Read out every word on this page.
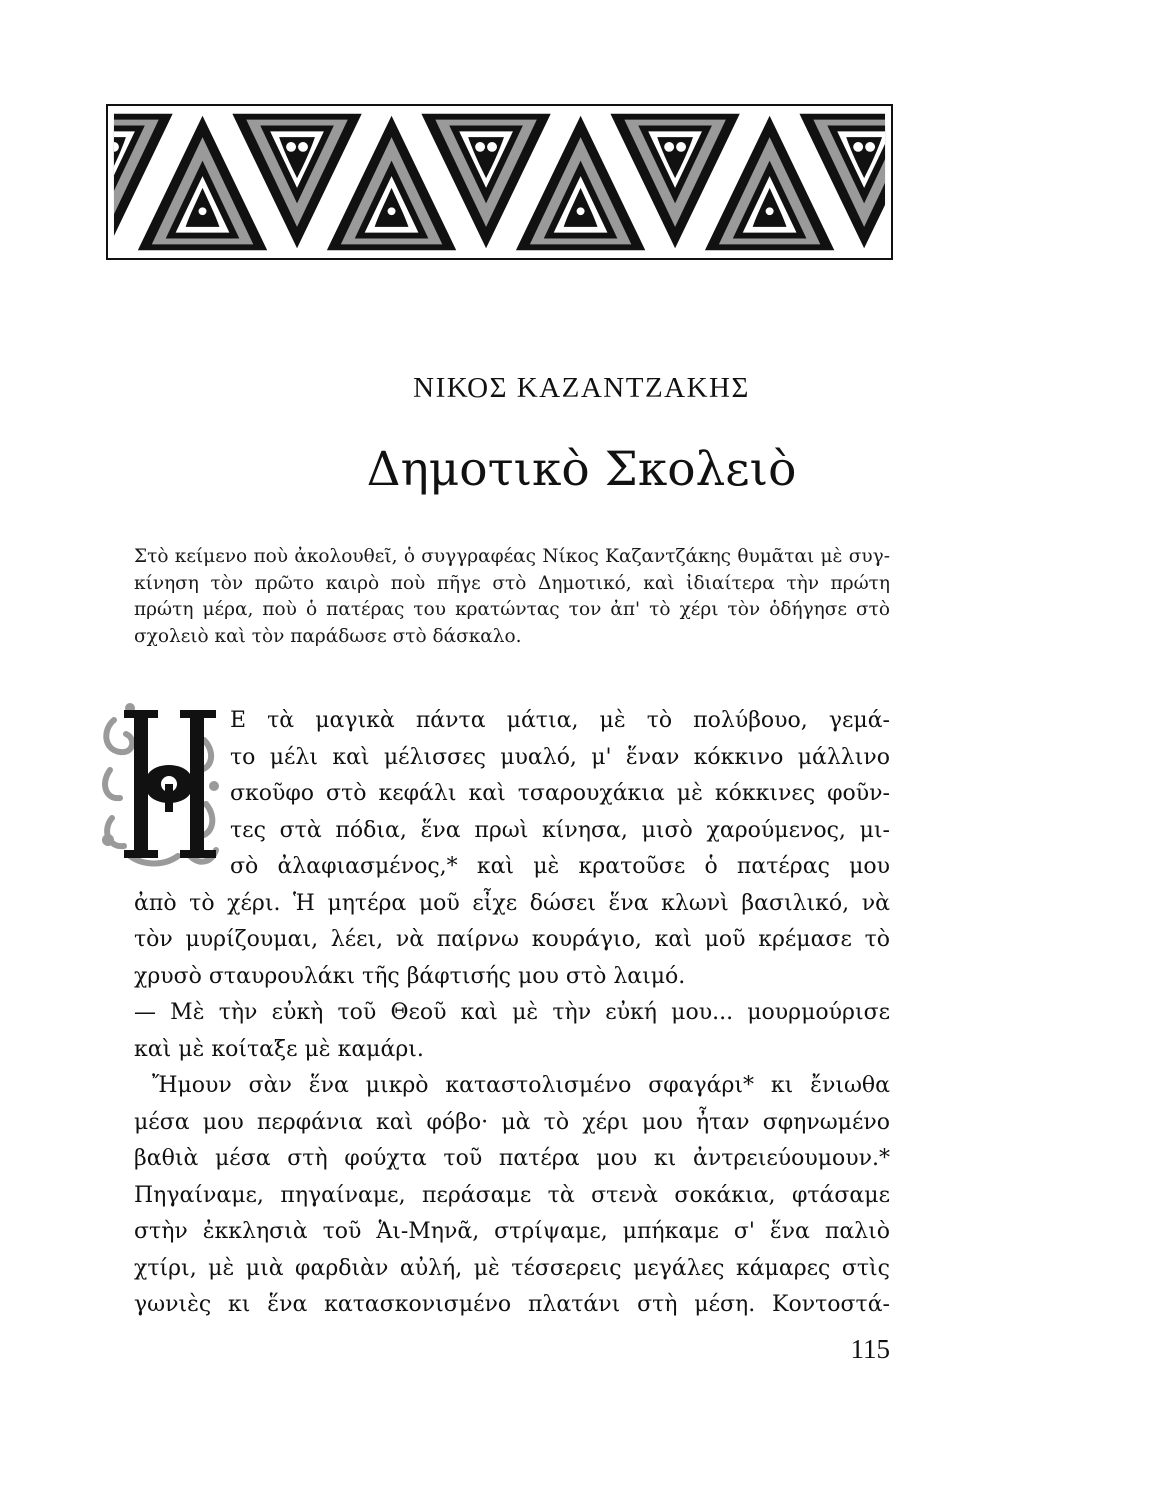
ΝΙΚΟΣ ΚΑΖΑΝΤΖΑΚΗΣ
Δημοτικὸ Σκολειὸ
Στὸ κείμενο ποὺ ἀκολουθεῖ, ὁ συγγραφέας Νίκος Καζαντζάκης θυμᾶται μὲ συγ-
κίνηση τὸν πρῶτο καιρὸ ποὺ πῆγε στὸ Δημοτικό, καὶ ἰδιαίτερα τὴν πρώτη
πρώτη μέρα, ποὺ ὁ πατέρας του κρατώντας τον ἀπ' τὸ χέρι τὸν ὁδήγησε στὸ
σχολειὸ καὶ τὸν παράδωσε στὸ δάσκαλο.
Ε τὰ μαγικὰ πάντα μάτια, μὲ τὸ πολύβουο, γεμά-
το μέλι καὶ μέλισσες μυαλό, μ' ἕναν κόκκινο μάλλινο
σκοῦφο στὸ κεφάλι καὶ τσαρουχάκια μὲ κόκκινες φοῦν-
τες στὰ πόδια, ἕνα πρωὶ κίνησα, μισὸ χαρούμενος, μι-
σὸ ἀλαφιασμένος,* καὶ μὲ κρατοῦσε ὁ πατέρας μου
ἀπὸ τὸ χέρι. Ἡ μητέρα μοῦ εἶχε δώσει ἕνα κλωνὶ βασιλικό, νὰ
τὸν μυρίζουμαι, λέει, νὰ παίρνω κουράγιο, καὶ μοῦ κρέμασε τὸ
χρυσὸ σταυρουλάκι τῆς βάφτισής μου στὸ λαιμό.
— Μὲ τὴν εὐκὴ τοῦ Θεοῦ καὶ μὲ τὴν εὐκή μου... μουρμούρισε
καὶ μὲ κοίταξε μὲ καμάρι.
Ἤμουν σὰν ἕνα μικρὸ καταστολισμένο σφαγάρι* κι ἔνιωθα
μέσα μου περφάνια καὶ φόβο· μὰ τὸ χέρι μου ἦταν σφηνωμένο
βαθιὰ μέσα στὴ φούχτα τοῦ πατέρα μου κι ἀντρειεύουμουν.*
Πηγαίναμε, πηγαίναμε, περάσαμε τὰ στενὰ σοκάκια, φτάσαμε
στὴν ἐκκλησιὰ τοῦ Ἁι-Μηνᾶ, στρίψαμε, μπήκαμε σ' ἕνα παλιὸ
χτίρι, μὲ μιὰ φαρδιὰν αὐλή, μὲ τέσσερεις μεγάλες κάμαρες στὶς
γωνιὲς κι ἕνα κατασκονισμένο πλατάνι στὴ μέση. Κοντοστά-
115
